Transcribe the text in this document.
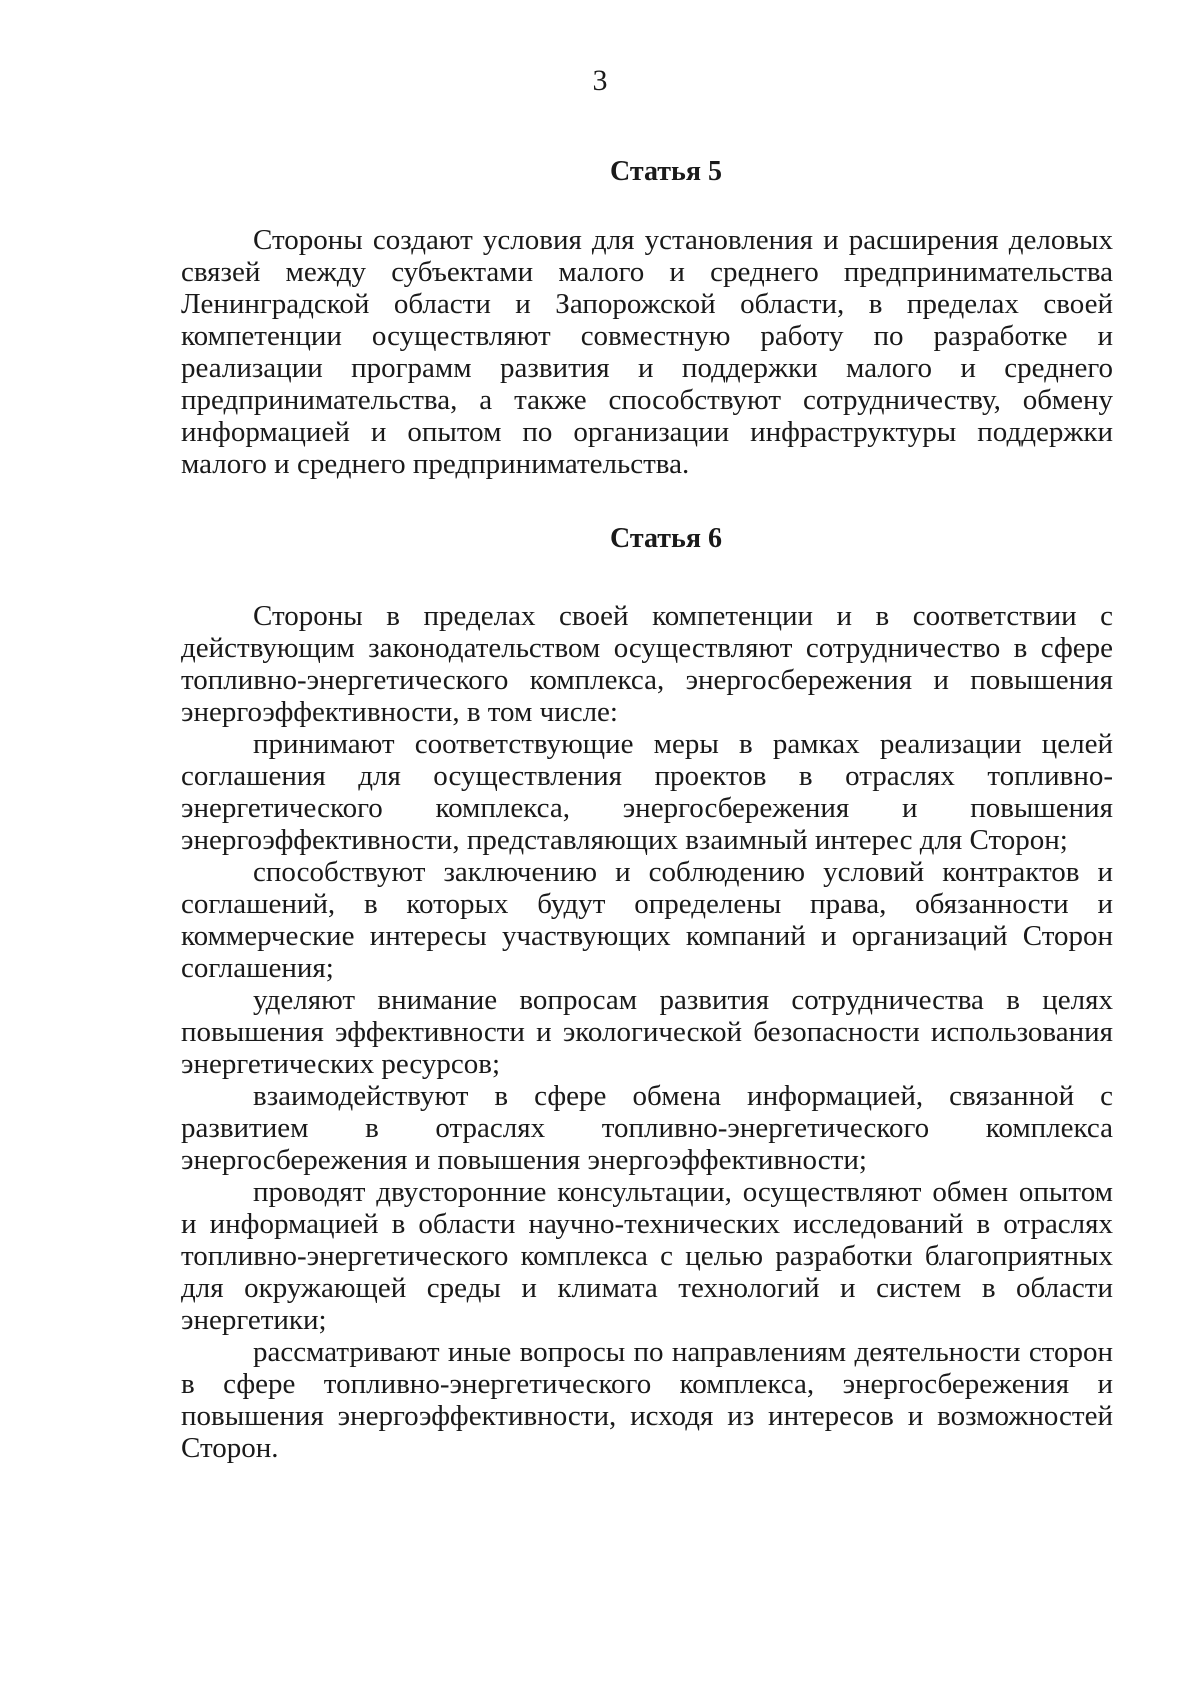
3
Статья 5

Стороны создают условия для установления и расширения деловых связей между субъектами малого и среднего предпринимательства Ленинградской области и Запорожской области, в пределах своей компетенции осуществляют совместную работу по разработке и реализации программ развития и поддержки малого и среднего предпринимательства, а также способствуют сотрудничеству, обмену информацией и опытом по организации инфраструктуры поддержки малого и среднего предпринимательства.

Статья 6

Стороны в пределах своей компетенции и в соответствии с действующим законодательством осуществляют сотрудничество в сфере топливно-энергетического комплекса, энергосбережения и повышения энергоэффективности, в том числе:

принимают соответствующие меры в рамках реализации целей соглашения для осуществления проектов в отраслях топливно-энергетического комплекса, энергосбережения и повышения энергоэффективности, представляющих взаимный интерес для Сторон;

способствуют заключению и соблюдению условий контрактов и соглашений, в которых будут определены права, обязанности и коммерческие интересы участвующих компаний и организаций Сторон соглашения;

уделяют внимание вопросам развития сотрудничества в целях повышения эффективности и экологической безопасности использования энергетических ресурсов;

взаимодействуют в сфере обмена информацией, связанной с развитием в отраслях топливно-энергетического комплекса энергосбережения и повышения энергоэффективности;

проводят двусторонние консультации, осуществляют обмен опытом и информацией в области научно-технических исследований в отраслях топливно-энергетического комплекса с целью разработки благоприятных для окружающей среды и климата технологий и систем в области энергетики;

рассматривают иные вопросы по направлениям деятельности сторон в сфере топливно-энергетического комплекса, энергосбережения и повышения энергоэффективности, исходя из интересов и возможностей Сторон.
